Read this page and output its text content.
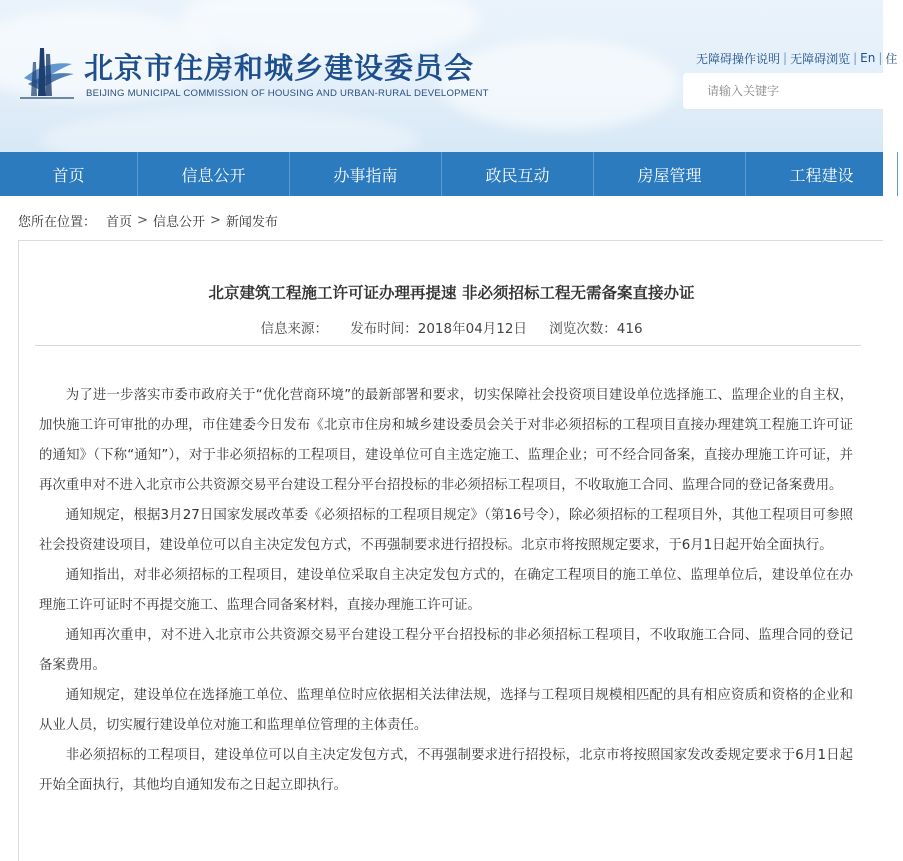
北京市住房和城乡建设委员会
BEIJING MUNICIPAL COMMISSION OF HOUSING AND URBAN-RURAL DEVELOPMENT
无障碍操作说明 | 无障碍浏览 | En | 住
请输入关键字
首页	信息公开	办事指南	政民互动	房屋管理	工程建设
您所在位置： 首页 > 信息公开 > 新闻发布
北京建筑工程施工许可证办理再提速 非必须招标工程无需备案直接办证
信息来源： 发布时间：2018年04月12日 浏览次数：416

为了进一步落实市委市政府关于“优化营商环境”的最新部署和要求，切实保障社会投资项目建设单位选择施工、监理企业的自主权，加快施工许可审批的办理，市住建委今日发布《北京市住房和城乡建设委员会关于对非必须招标的工程项目直接办理建筑工程施工许可证的通知》（下称“通知”），对于非必须招标的工程项目，建设单位可自主选定施工、监理企业；可不经合同备案，直接办理施工许可证，并再次重申对不进入北京市公共资源交易平台建设工程分平台招投标的非必须招标工程项目，不收取施工合同、监理合同的登记备案费用。

通知规定，根据3月27日国家发展改革委《必须招标的工程项目规定》（第16号令），除必须招标的工程项目外，其他工程项目可参照社会投资建设项目，建设单位可以自主决定发包方式，不再强制要求进行招投标。北京市将按照规定要求，于6月1日起开始全面执行。

通知指出，对非必须招标的工程项目，建设单位采取自主决定发包方式的，在确定工程项目的施工单位、监理单位后，建设单位在办理施工许可证时不再提交施工、监理合同备案材料，直接办理施工许可证。

通知再次重申，对不进入北京市公共资源交易平台建设工程分平台招投标的非必须招标工程项目，不收取施工合同、监理合同的登记备案费用。

通知规定，建设单位在选择施工单位、监理单位时应依据相关法律法规，选择与工程项目规模相匹配的具有相应资质和资格的企业和从业人员，切实履行建设单位对施工和监理单位管理的主体责任。

非必须招标的工程项目，建设单位可以自主决定发包方式，不再强制要求进行招投标，北京市将按照国家发改委规定要求于6月1日起开始全面执行，其他均自通知发布之日起立即执行。
